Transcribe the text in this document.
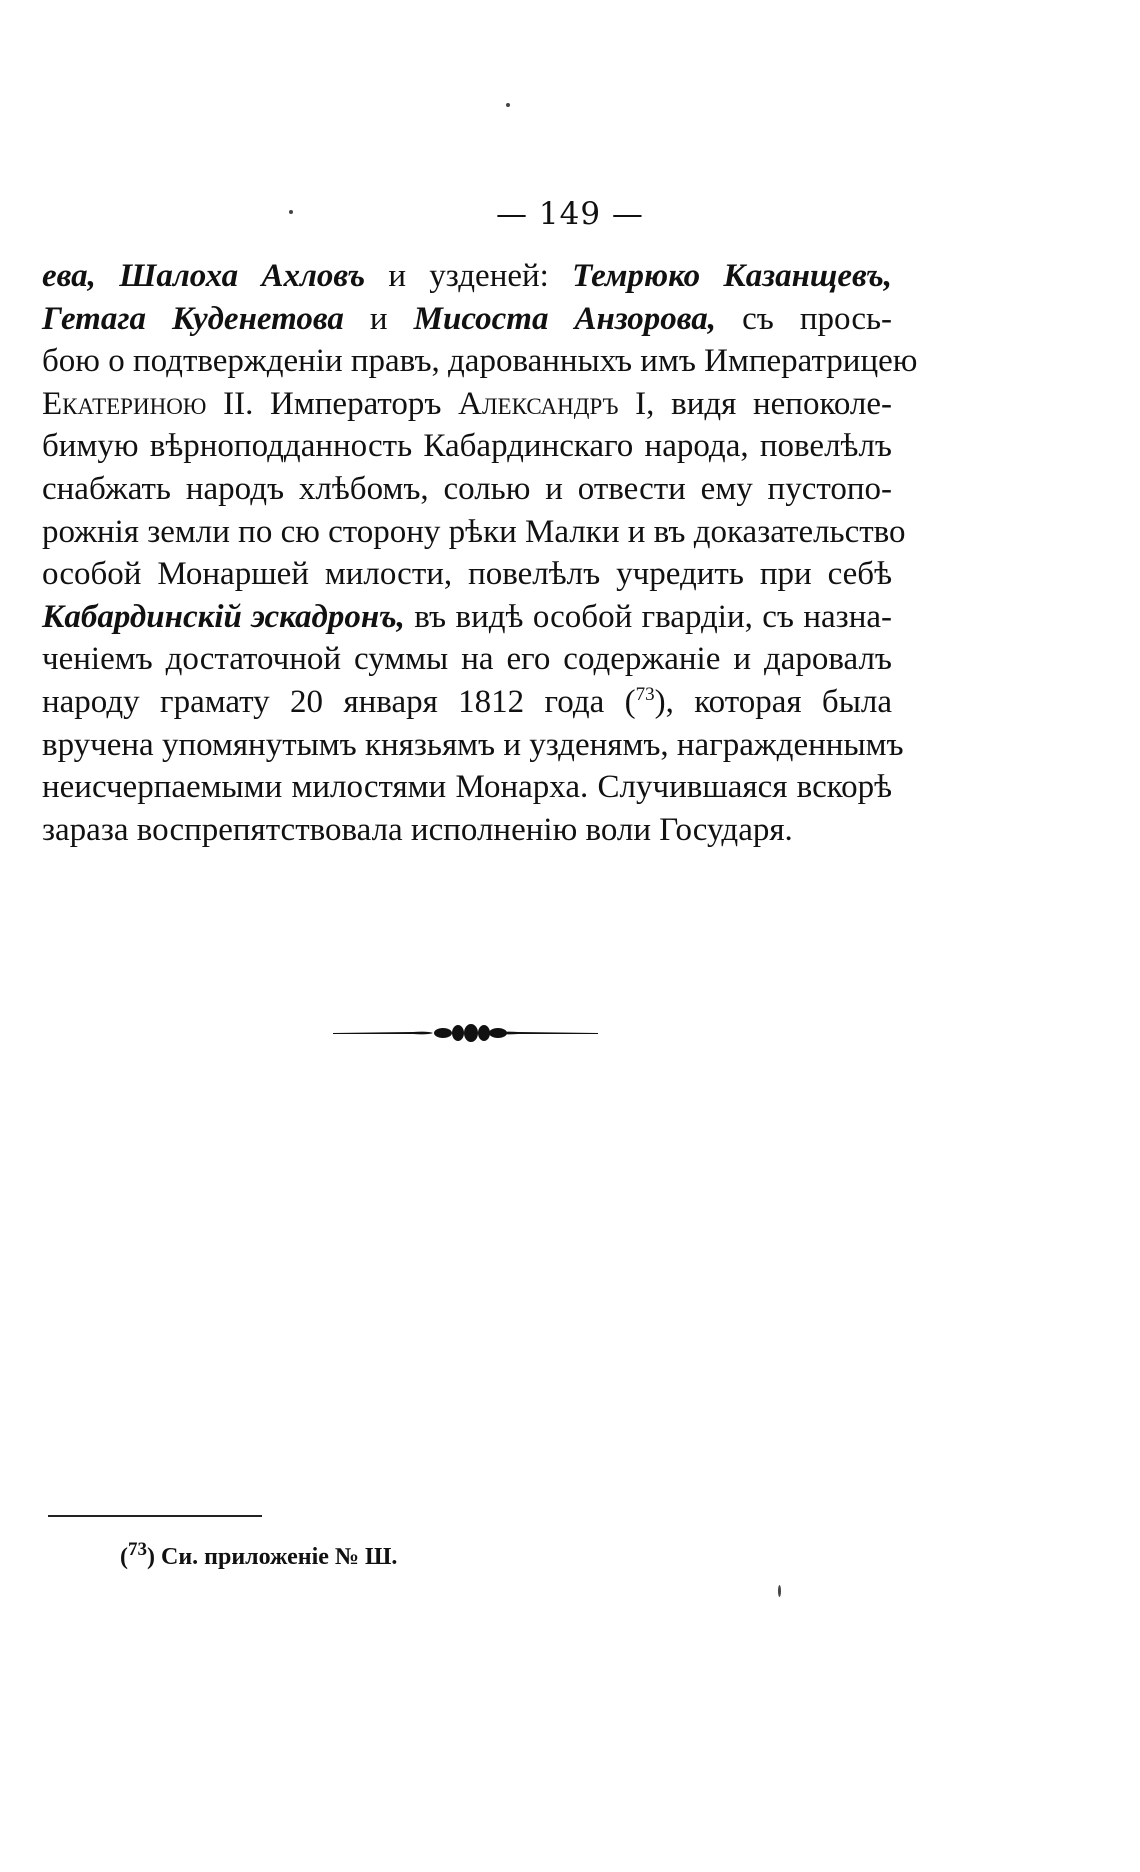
— 149 —
ева, Шалоха Ахловъ и узденей: Темрюко Казанщевъ,
Гетага Куденетова и Мисоста Анзорова, съ прось-
бою о подтвержденіи правъ, дарованныхъ имъ Императрицею
Екатериною II. Императоръ Александръ I, видя непоколе-
бимую вѣрноподданность Кабардинскаго народа, повелѣлъ
снабжать народъ хлѣбомъ, солью и отвести ему пустопо-
рожнія земли по сю сторону рѣки Малки и въ доказательство
особой Монаршей милости, повелѣлъ учредить при себѣ
Кабардинскій эскадронъ, въ видѣ особой гвардіи, съ назна-
ченіемъ достаточной суммы на его содержаніе и даровалъ
народу грамату 20 января 1812 года ($^{73}$), которая была
вручена упомянутымъ князьямъ и узденямъ, награжденнымъ
неисчерпаемыми милостями Монарха. Случившаяся вскорѣ
зараза воспрепятствовала исполненію воли Государя.
($^{73}$) Си. приложеніе № Ш.
